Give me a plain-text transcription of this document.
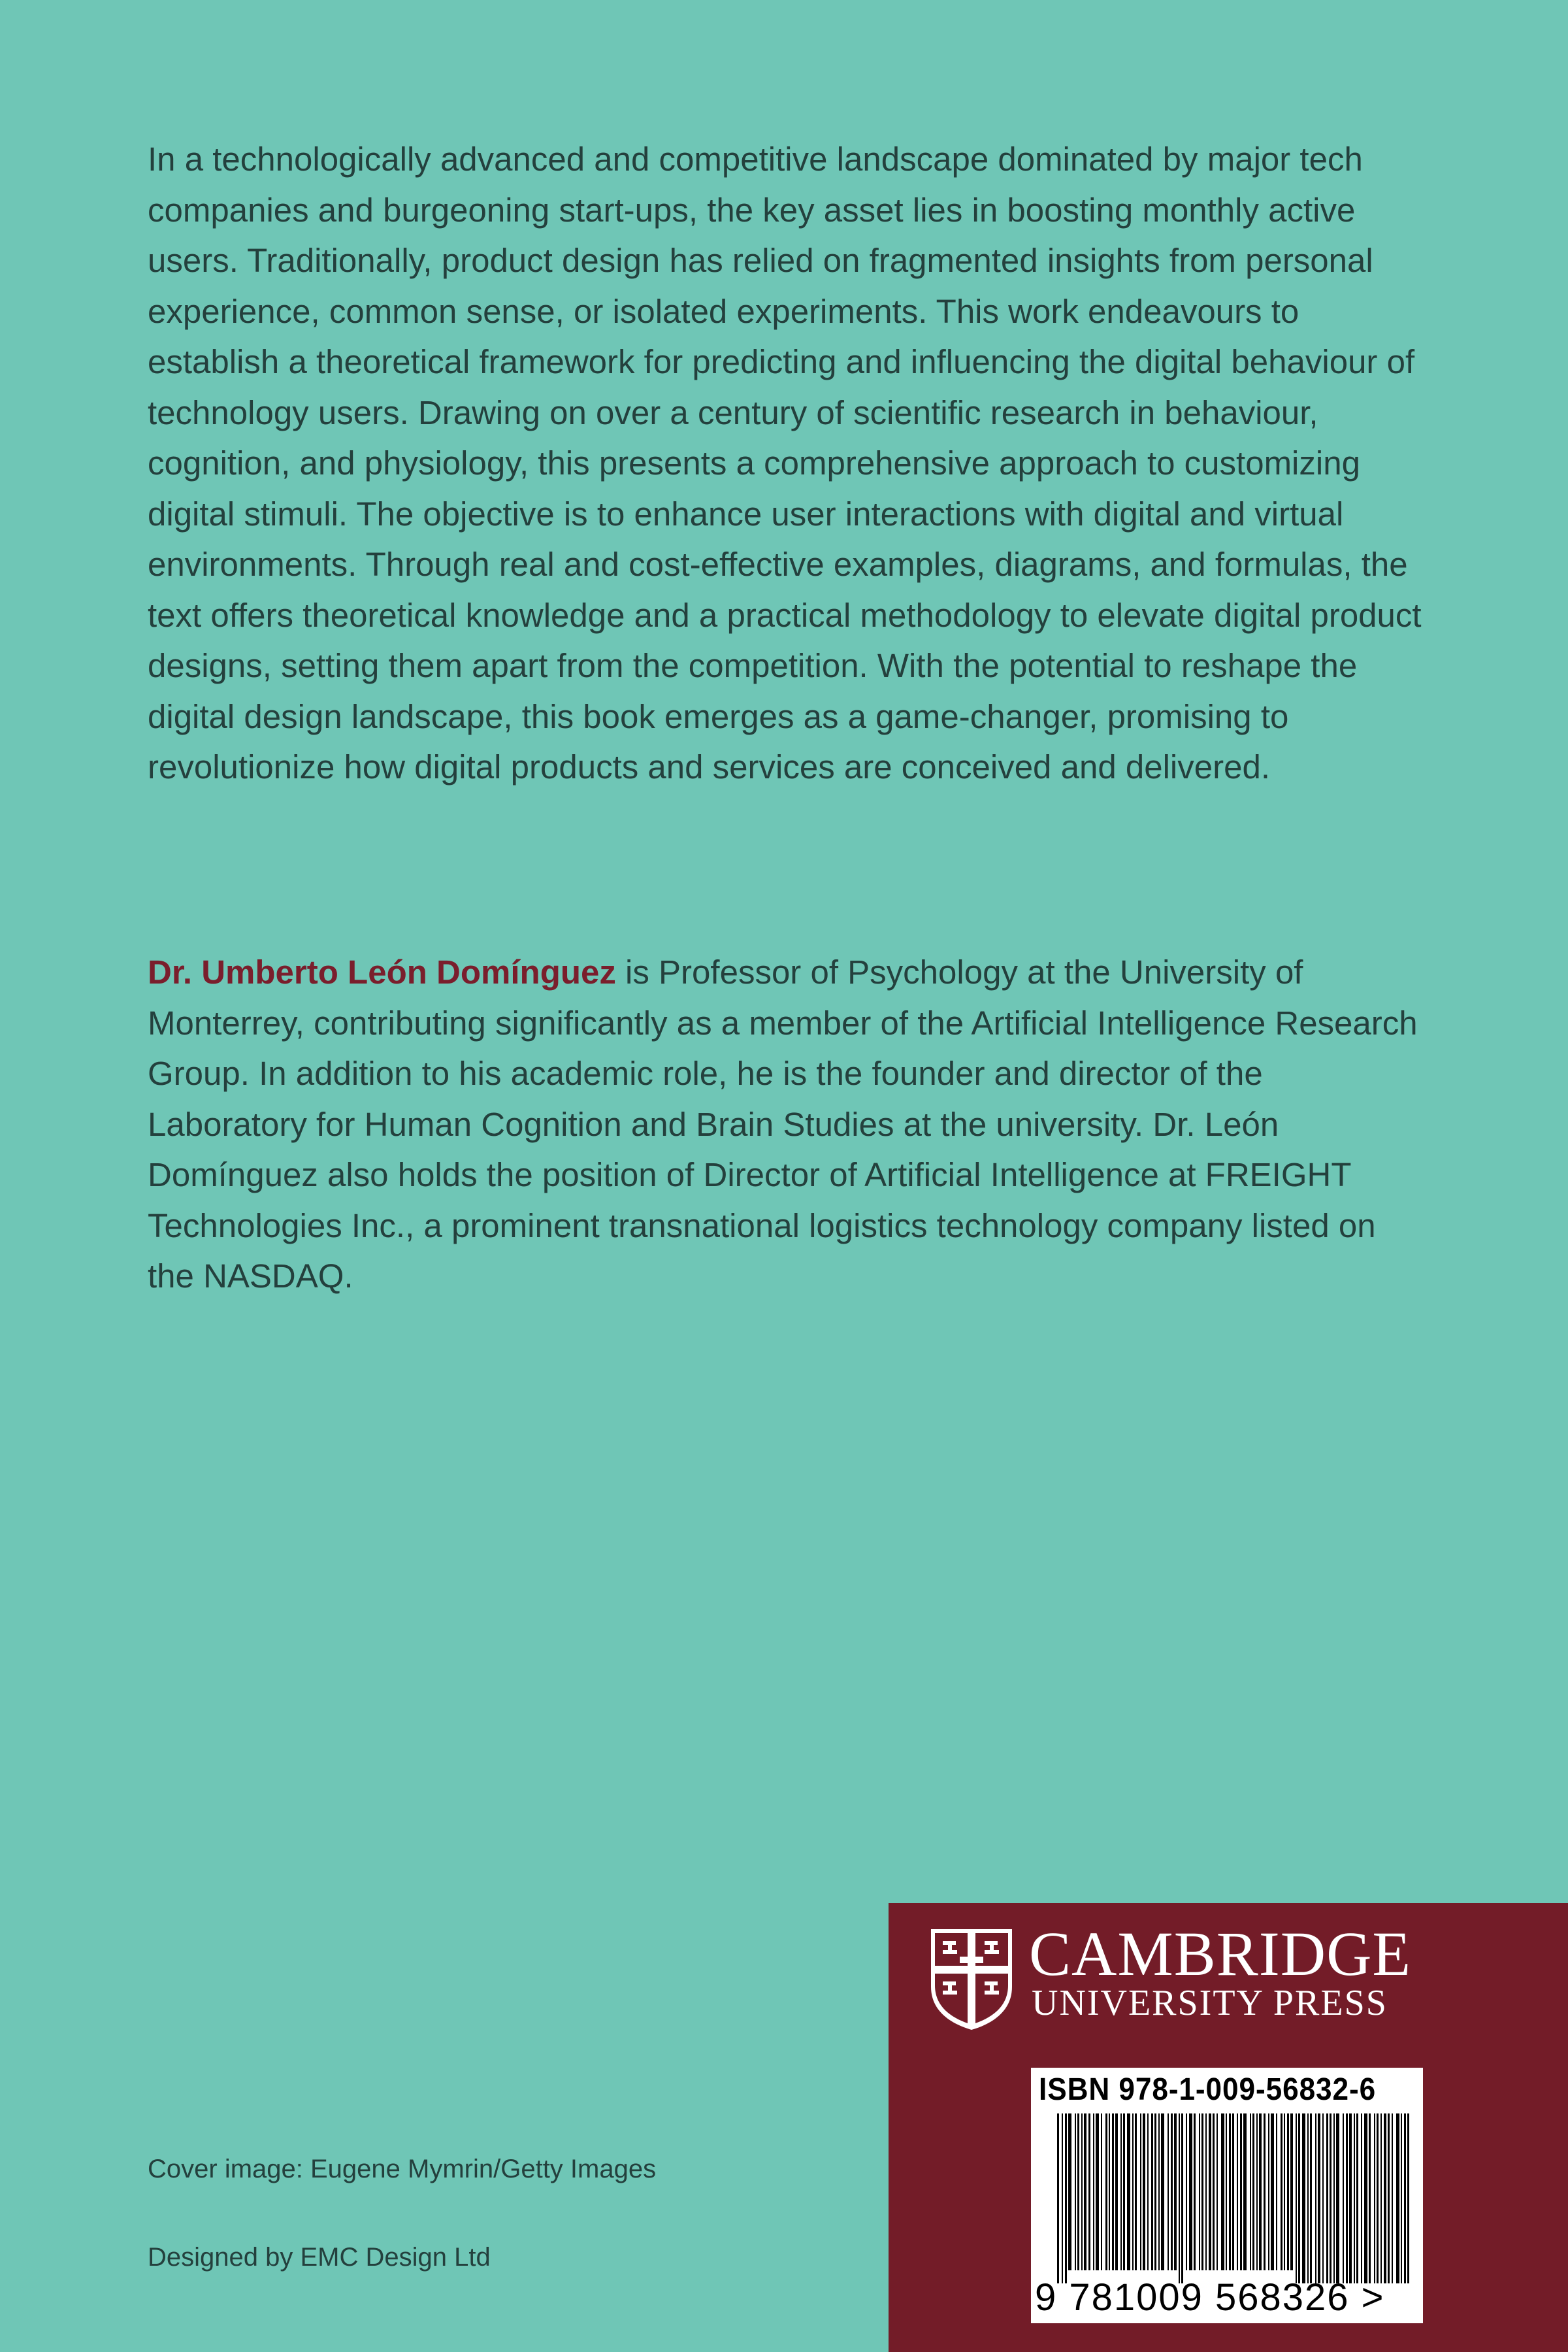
In a technologically advanced and competitive landscape dominated by major tech companies and burgeoning start-ups, the key asset lies in boosting monthly active users. Traditionally, product design has relied on fragmented insights from personal experience, common sense, or isolated experiments. This work endeavours to establish a theoretical framework for predicting and influencing the digital behaviour of technology users. Drawing on over a century of scientific research in behaviour, cognition, and physiology, this presents a comprehensive approach to customizing digital stimuli. The objective is to enhance user interactions with digital and virtual environments. Through real and cost-effective examples, diagrams, and formulas, the text offers theoretical knowledge and a practical methodology to elevate digital product designs, setting them apart from the competition. With the potential to reshape the digital design landscape, this book emerges as a game-changer, promising to revolutionize how digital products and services are conceived and delivered.

Dr. Umberto León Domínguez is Professor of Psychology at the University of Monterrey, contributing significantly as a member of the Artificial Intelligence Research Group. In addition to his academic role, he is the founder and director of the Laboratory for Human Cognition and Brain Studies at the university. Dr. León Domínguez also holds the position of Director of Artificial Intelligence at FREIGHT Technologies Inc., a prominent transnational logistics technology company listed on the NASDAQ.

Cover image: Eugene Mymrin/Getty Images

Designed by EMC Design Ltd

CAMBRIDGE
UNIVERSITY PRESS
ISBN 978-1-009-56832-6
9 781009 568326 >
